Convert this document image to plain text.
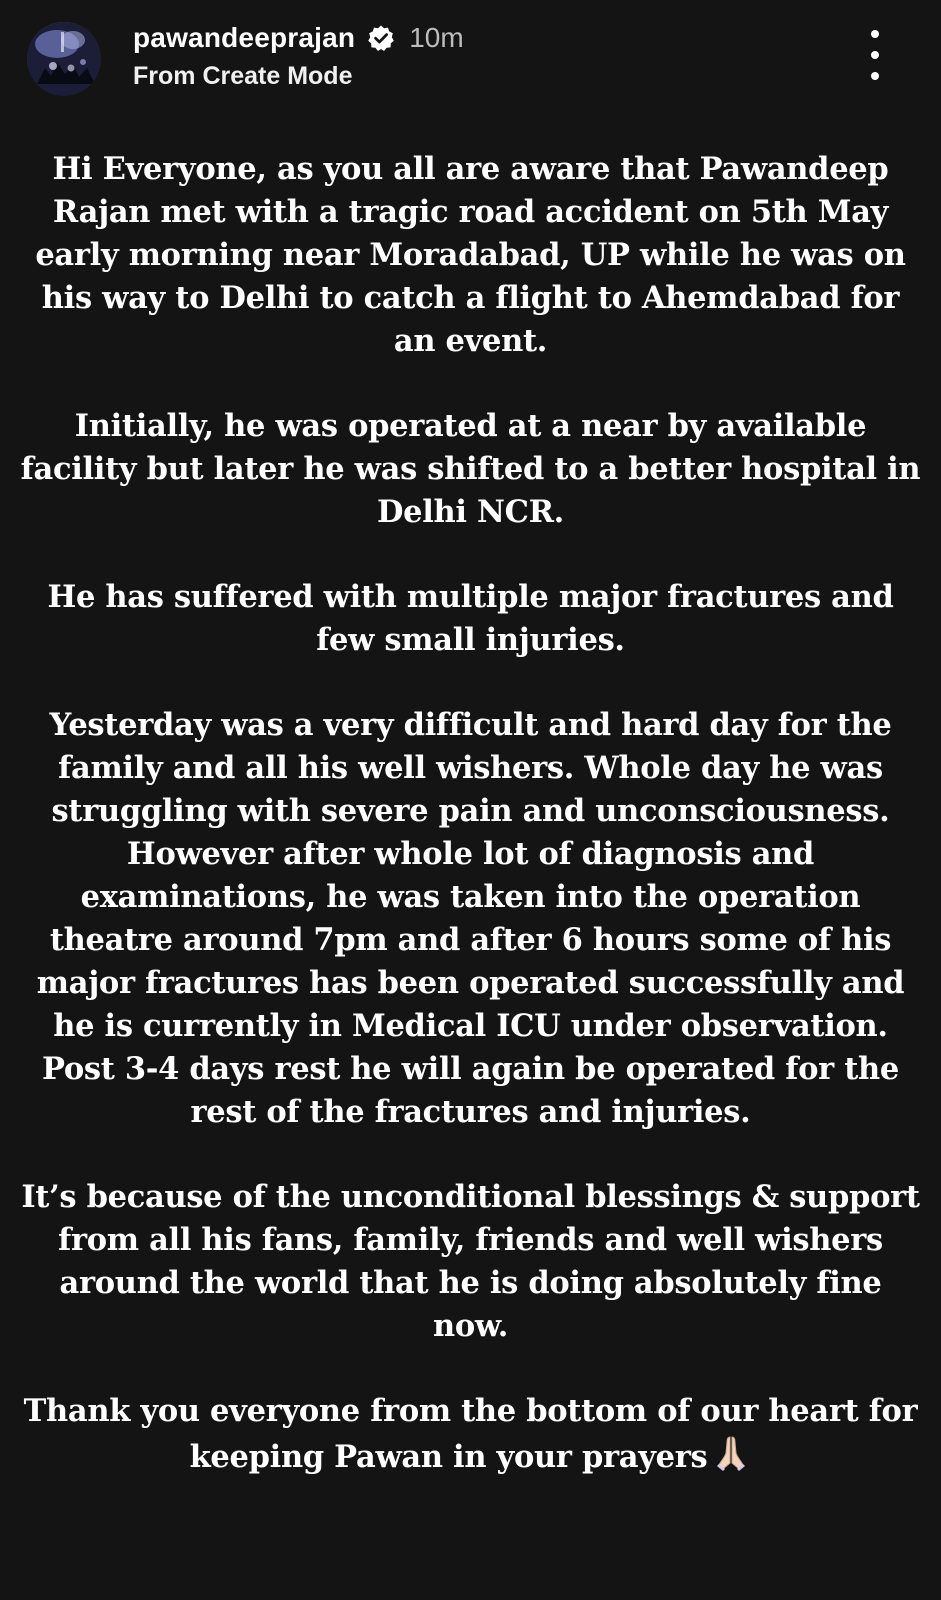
pawandeeprajan 10m
From Create Mode

Hi Everyone, as you all are aware that Pawandeep Rajan met with a tragic road accident on 5th May early morning near Moradabad, UP while he was on his way to Delhi to catch a flight to Ahemdabad for an event.

Initially, he was operated at a near by available facility but later he was shifted to a better hospital in Delhi NCR.

He has suffered with multiple major fractures and few small injuries.

Yesterday was a very difficult and hard day for the family and all his well wishers. Whole day he was struggling with severe pain and unconsciousness. However after whole lot of diagnosis and examinations, he was taken into the operation theatre around 7pm and after 6 hours some of his major fractures has been operated successfully and he is currently in Medical ICU under observation. Post 3-4 days rest he will again be operated for the rest of the fractures and injuries.

It’s because of the unconditional blessings & support from all his fans, family, friends and well wishers around the world that he is doing absolutely fine now.

Thank you everyone from the bottom of our heart for keeping Pawan in your prayers
